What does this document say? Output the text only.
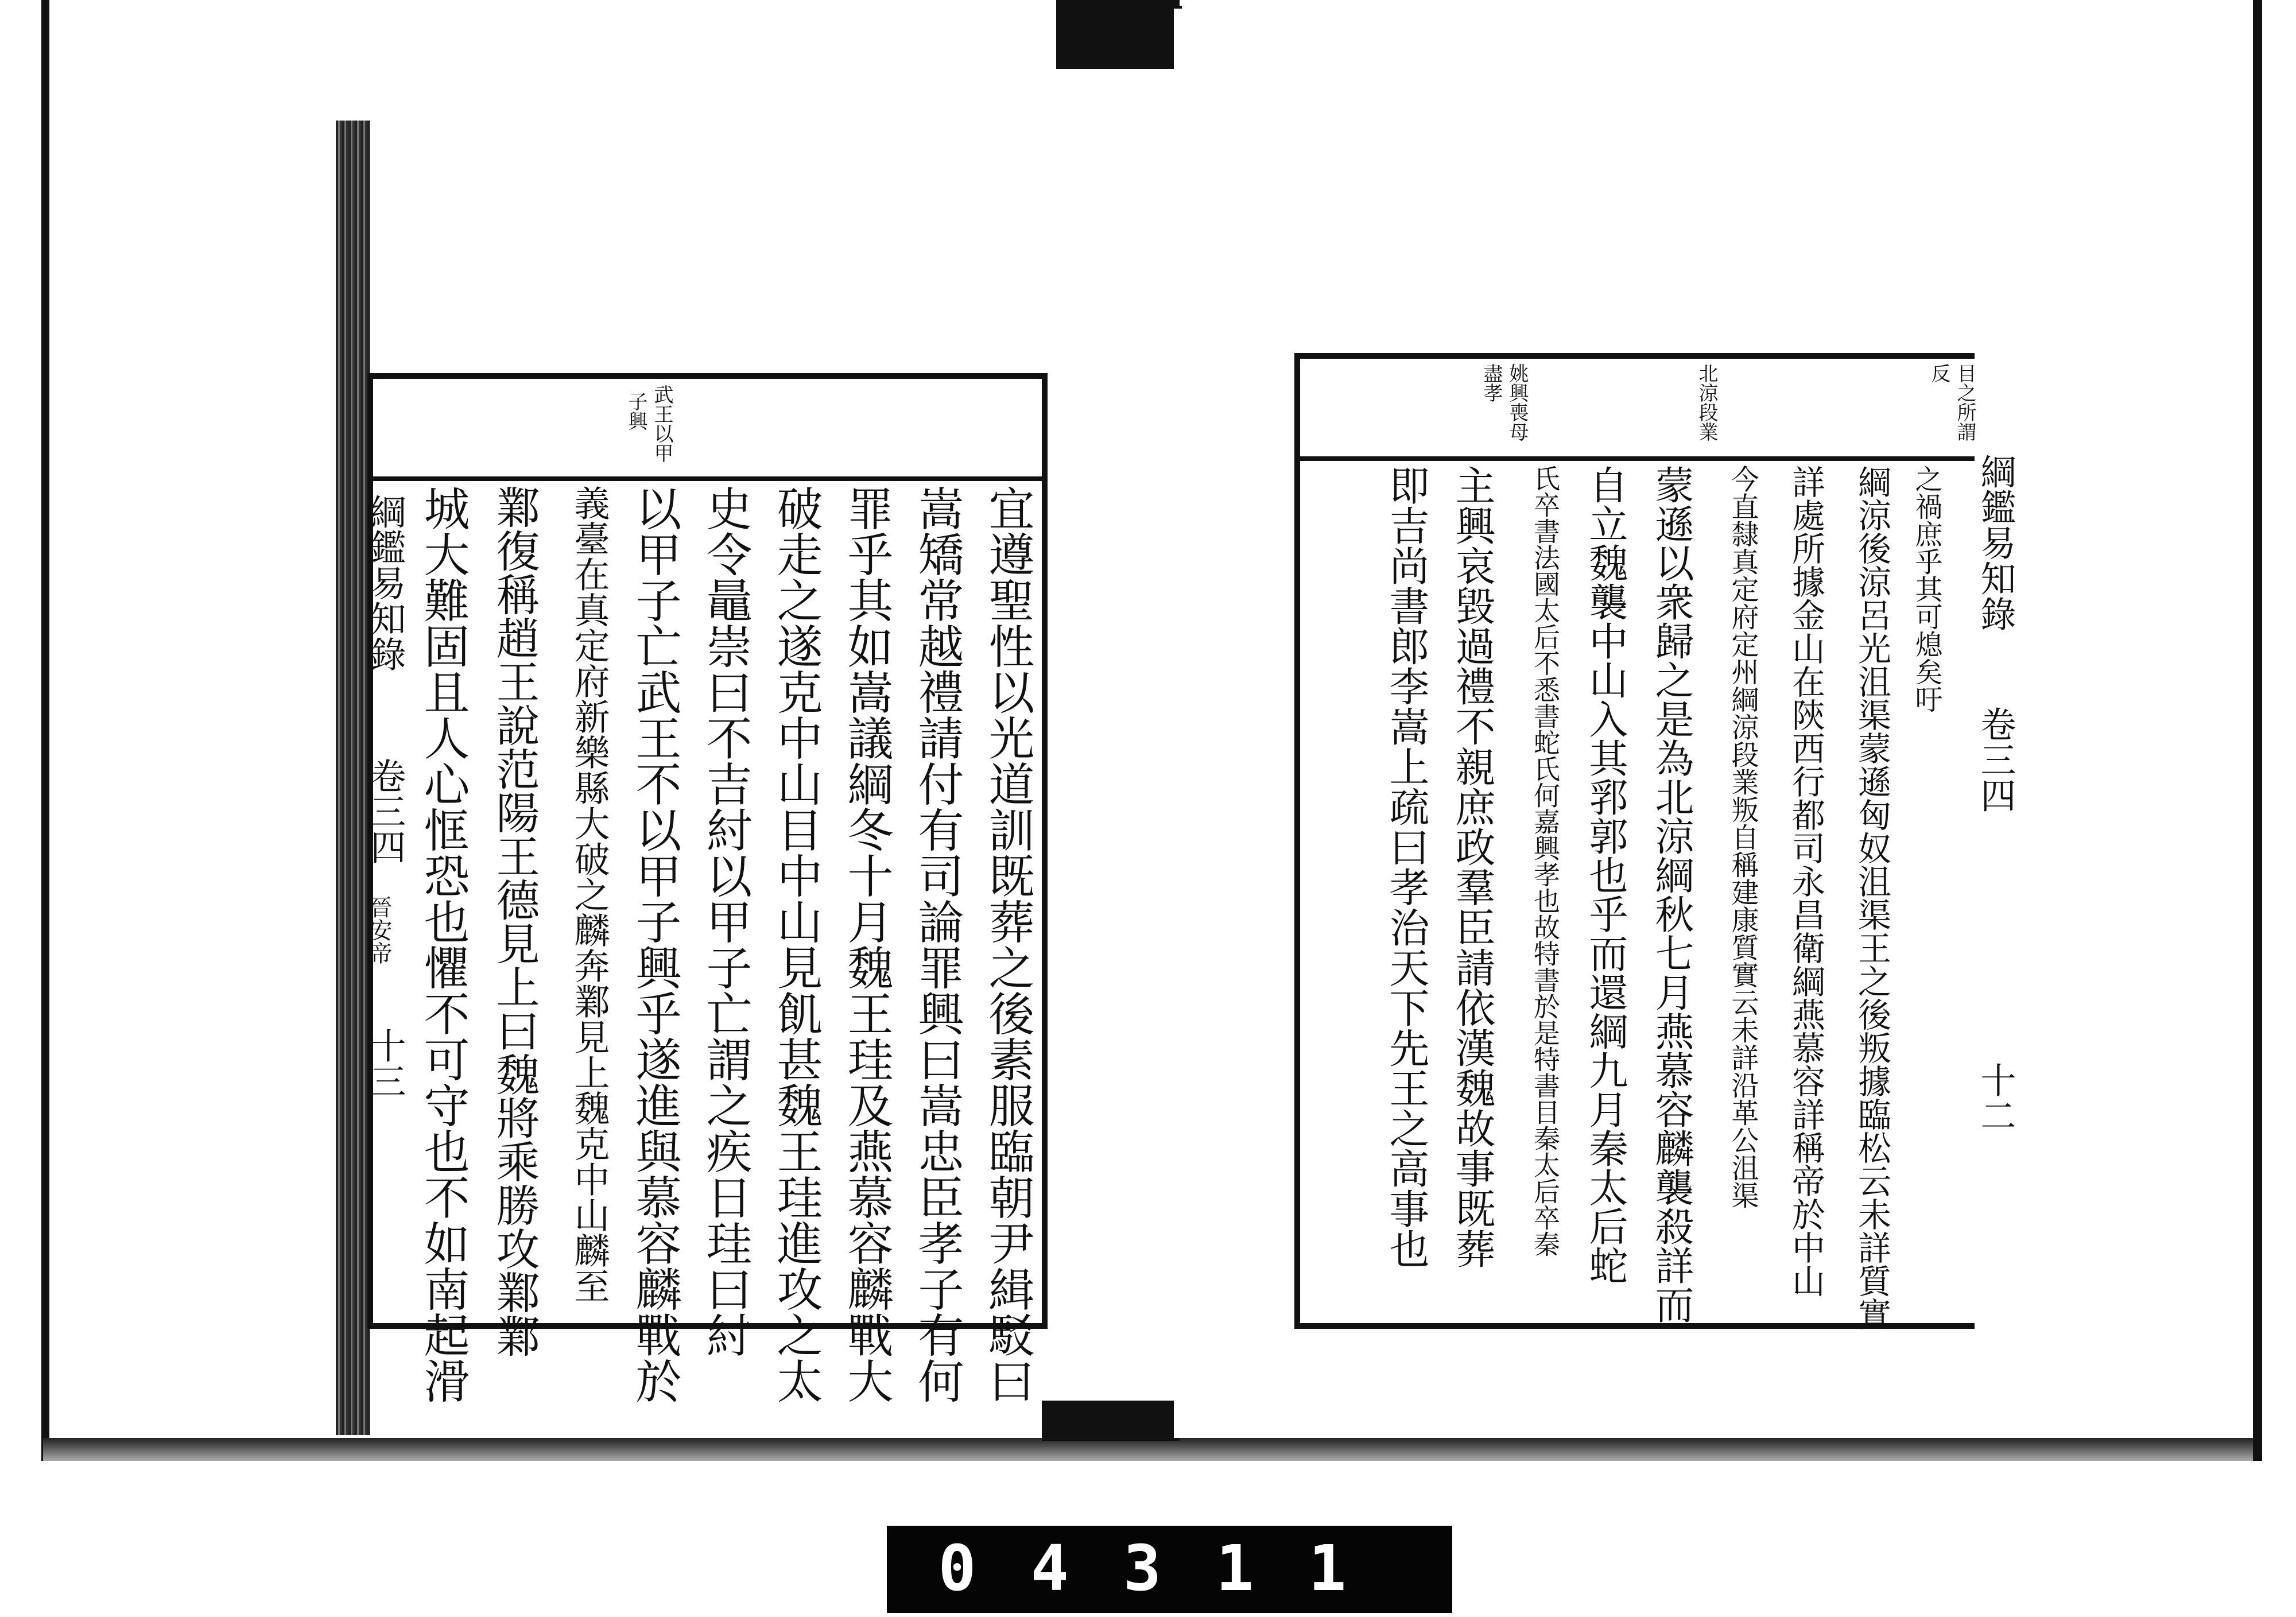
武王以甲
子興
宜遵聖性以光道訓既葬之後素服臨朝尹緝駁曰
嵩矯常越禮請付有司論罪興曰嵩忠臣孝子有何
罪乎其如嵩議綱冬十月魏王珪及燕慕容麟戰大
破走之遂克中山目中山見飢甚魏王珪進攻之太
史令鼂崇曰不吉紂以甲子亡謂之疾日珪曰紂
以甲子亡武王不以甲子興乎遂進與慕容麟戰於
義臺在真定府新樂縣大破之麟奔鄴見上魏克中山麟至
鄴復稱趙王說范陽王德見上曰魏將乘勝攻鄴鄴
城大難固且人心恇恐也懼不可守也不如南起滑
綱鑑易知錄
卷三四
晉安帝
十三
目之所謂
反
北涼段業
姚興喪母
盡孝
之禍庶乎其可熄矣吁
綱涼後涼呂光沮渠蒙遜匈奴沮渠王之後叛據臨松云未詳質實
詳處所據金山在陝西行都司永昌衛綱燕慕容詳稱帝於中山
今直隸真定府定州綱涼段業叛自稱建康質實云未詳沿革公沮渠
蒙遜以衆歸之是為北涼綱秋七月燕慕容麟襲殺詳而
自立魏襲中山入其郛郭也乎而還綱九月秦太后蛇
氏卒書法國太后不悉書蛇氏何嘉興孝也故特書於是特書目秦太后卒秦
主興哀毀過禮不親庶政羣臣請依漢魏故事既葬
即吉尚書郎李嵩上疏曰孝治天下先王之高事也	綱鑑易知錄
卷三四
十二
04311
